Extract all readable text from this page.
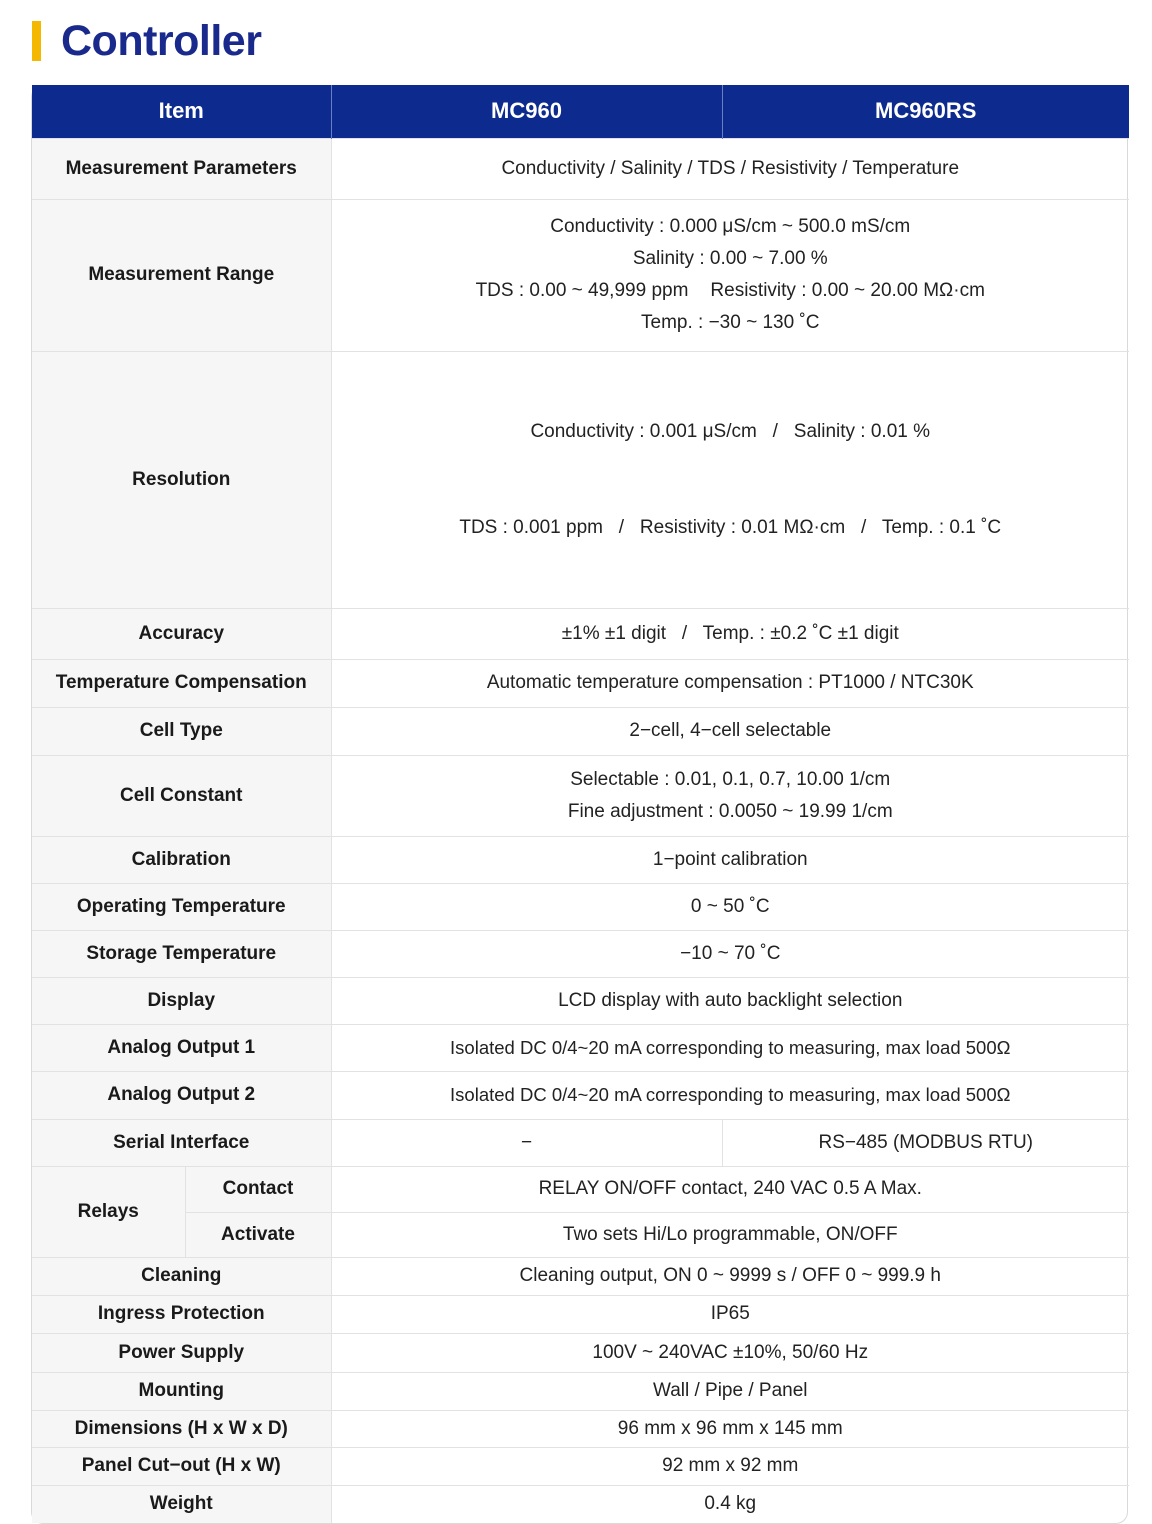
Controller
Item		MC960	MC960RS
Measurement Parameters		Conductivity / Salinity / TDS / Resistivity / Temperature	
Measurement Range		Conductivity : 0.000 μS/cm ~ 500.0 mS/cm
Salinity : 0.00 ~ 7.00 %
TDS : 0.00 ~ 49,999 ppm Resistivity : 0.00 ~ 20.00 MΩ·cm
Temp. : −30 ~ 130 ˚C	

Resolution		Conductivity : 0.001 μS/cm   /   Salinity : 0.01 %

TDS : 0.001 ppm   /   Resistivity : 0.01 MΩ·cm   /   Temp. : 0.1 ˚C	

Accuracy		±1% ±1 digit   /   Temp. : ±0.2 ˚C ±1 digit	
Temperature Compensation		Automatic temperature compensation : PT1000 / NTC30K	
Cell Type		2−cell, 4−cell selectable	
Cell Constant		Selectable : 0.01, 0.1, 0.7, 10.00 1/cm
Fine adjustment : 0.0050 ~ 19.99 1/cm	

Calibration		1−point calibration	
Operating Temperature		0 ~ 50 ˚C	
Storage Temperature		−10 ~ 70 ˚C	
Display		LCD display with auto backlight selection	
Analog Output 1		Isolated DC 0/4~20 mA corresponding to measuring, max load 500Ω	
Analog Output 2		Isolated DC 0/4~20 mA corresponding to measuring, max load 500Ω	
Serial Interface		−	RS−485 (MODBUS RTU)
Relays	Contact	RELAY ON/OFF contact, 240 VAC 0.5 A Max.	
	Activate	Two sets Hi/Lo programmable, ON/OFF	
Cleaning		Cleaning output, ON 0 ~ 9999 s / OFF 0 ~ 999.9 h	
Ingress Protection		IP65	
Power Supply		100V ~ 240VAC ±10%, 50/60 Hz	
Mounting		Wall / Pipe / Panel	
Dimensions (H x W x D)		96 mm x 96 mm x 145 mm	
Panel Cut−out (H x W)		92 mm x 92 mm	
Weight		0.4 kg	
